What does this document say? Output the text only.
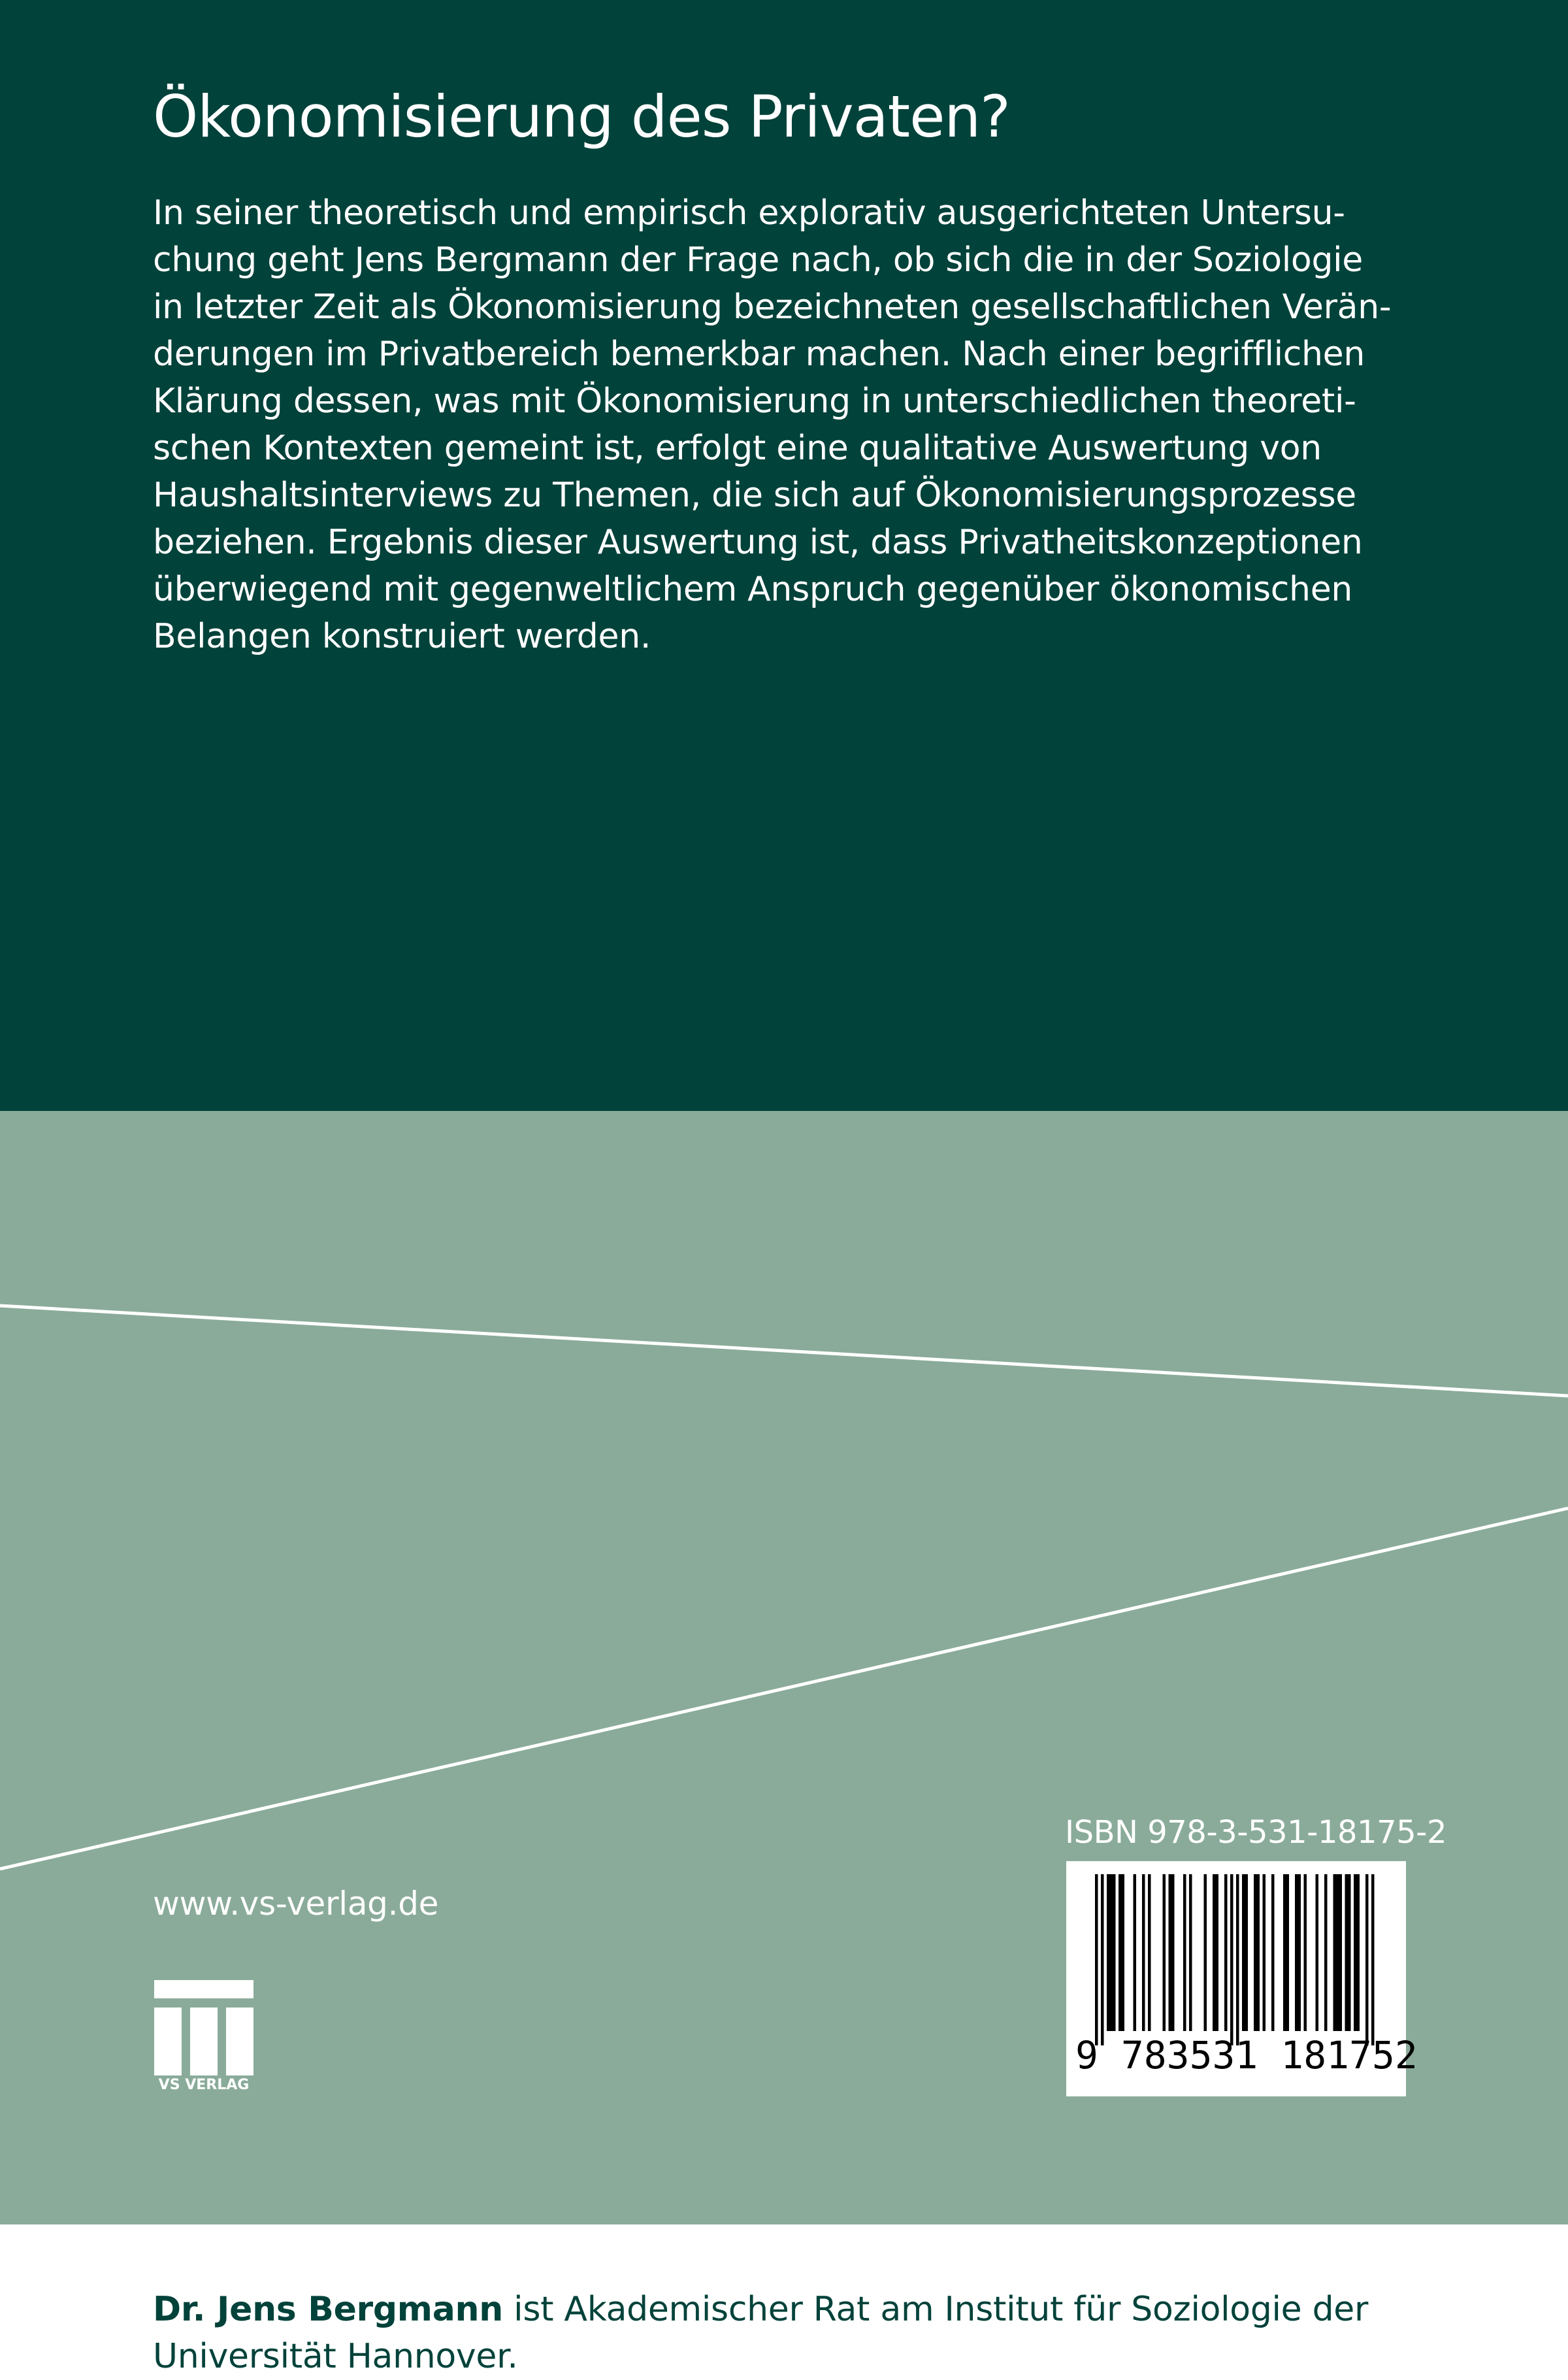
Ökonomisierung des Privaten?
In seiner theoretisch und empirisch explorativ ausgerichteten Untersu-
chung geht Jens Bergmann der Frage nach, ob sich die in der Soziologie
in letzter Zeit als Ökonomisierung bezeichneten gesellschaftlichen Verän-
derungen im Privatbereich bemerkbar machen. Nach einer begrifflichen
Klärung dessen, was mit Ökonomisierung in unterschiedlichen theoreti-
schen Kontexten gemeint ist, erfolgt eine qualitative Auswertung von
Haushaltsinterviews zu Themen, die sich auf Ökonomisierungsprozesse
beziehen. Ergebnis dieser Auswertung ist, dass Privatheitskonzeptionen
überwiegend mit gegenweltlichem Anspruch gegenüber ökonomischen
Belangen konstruiert werden.

Dr. Jens Bergmann ist Akademischer Rat am Institut für Soziologie der Universität Hannover.

www.vs-verlag.de
VS VERLAG
ISBN 978-3-531-18175-2
9 783531 181752
